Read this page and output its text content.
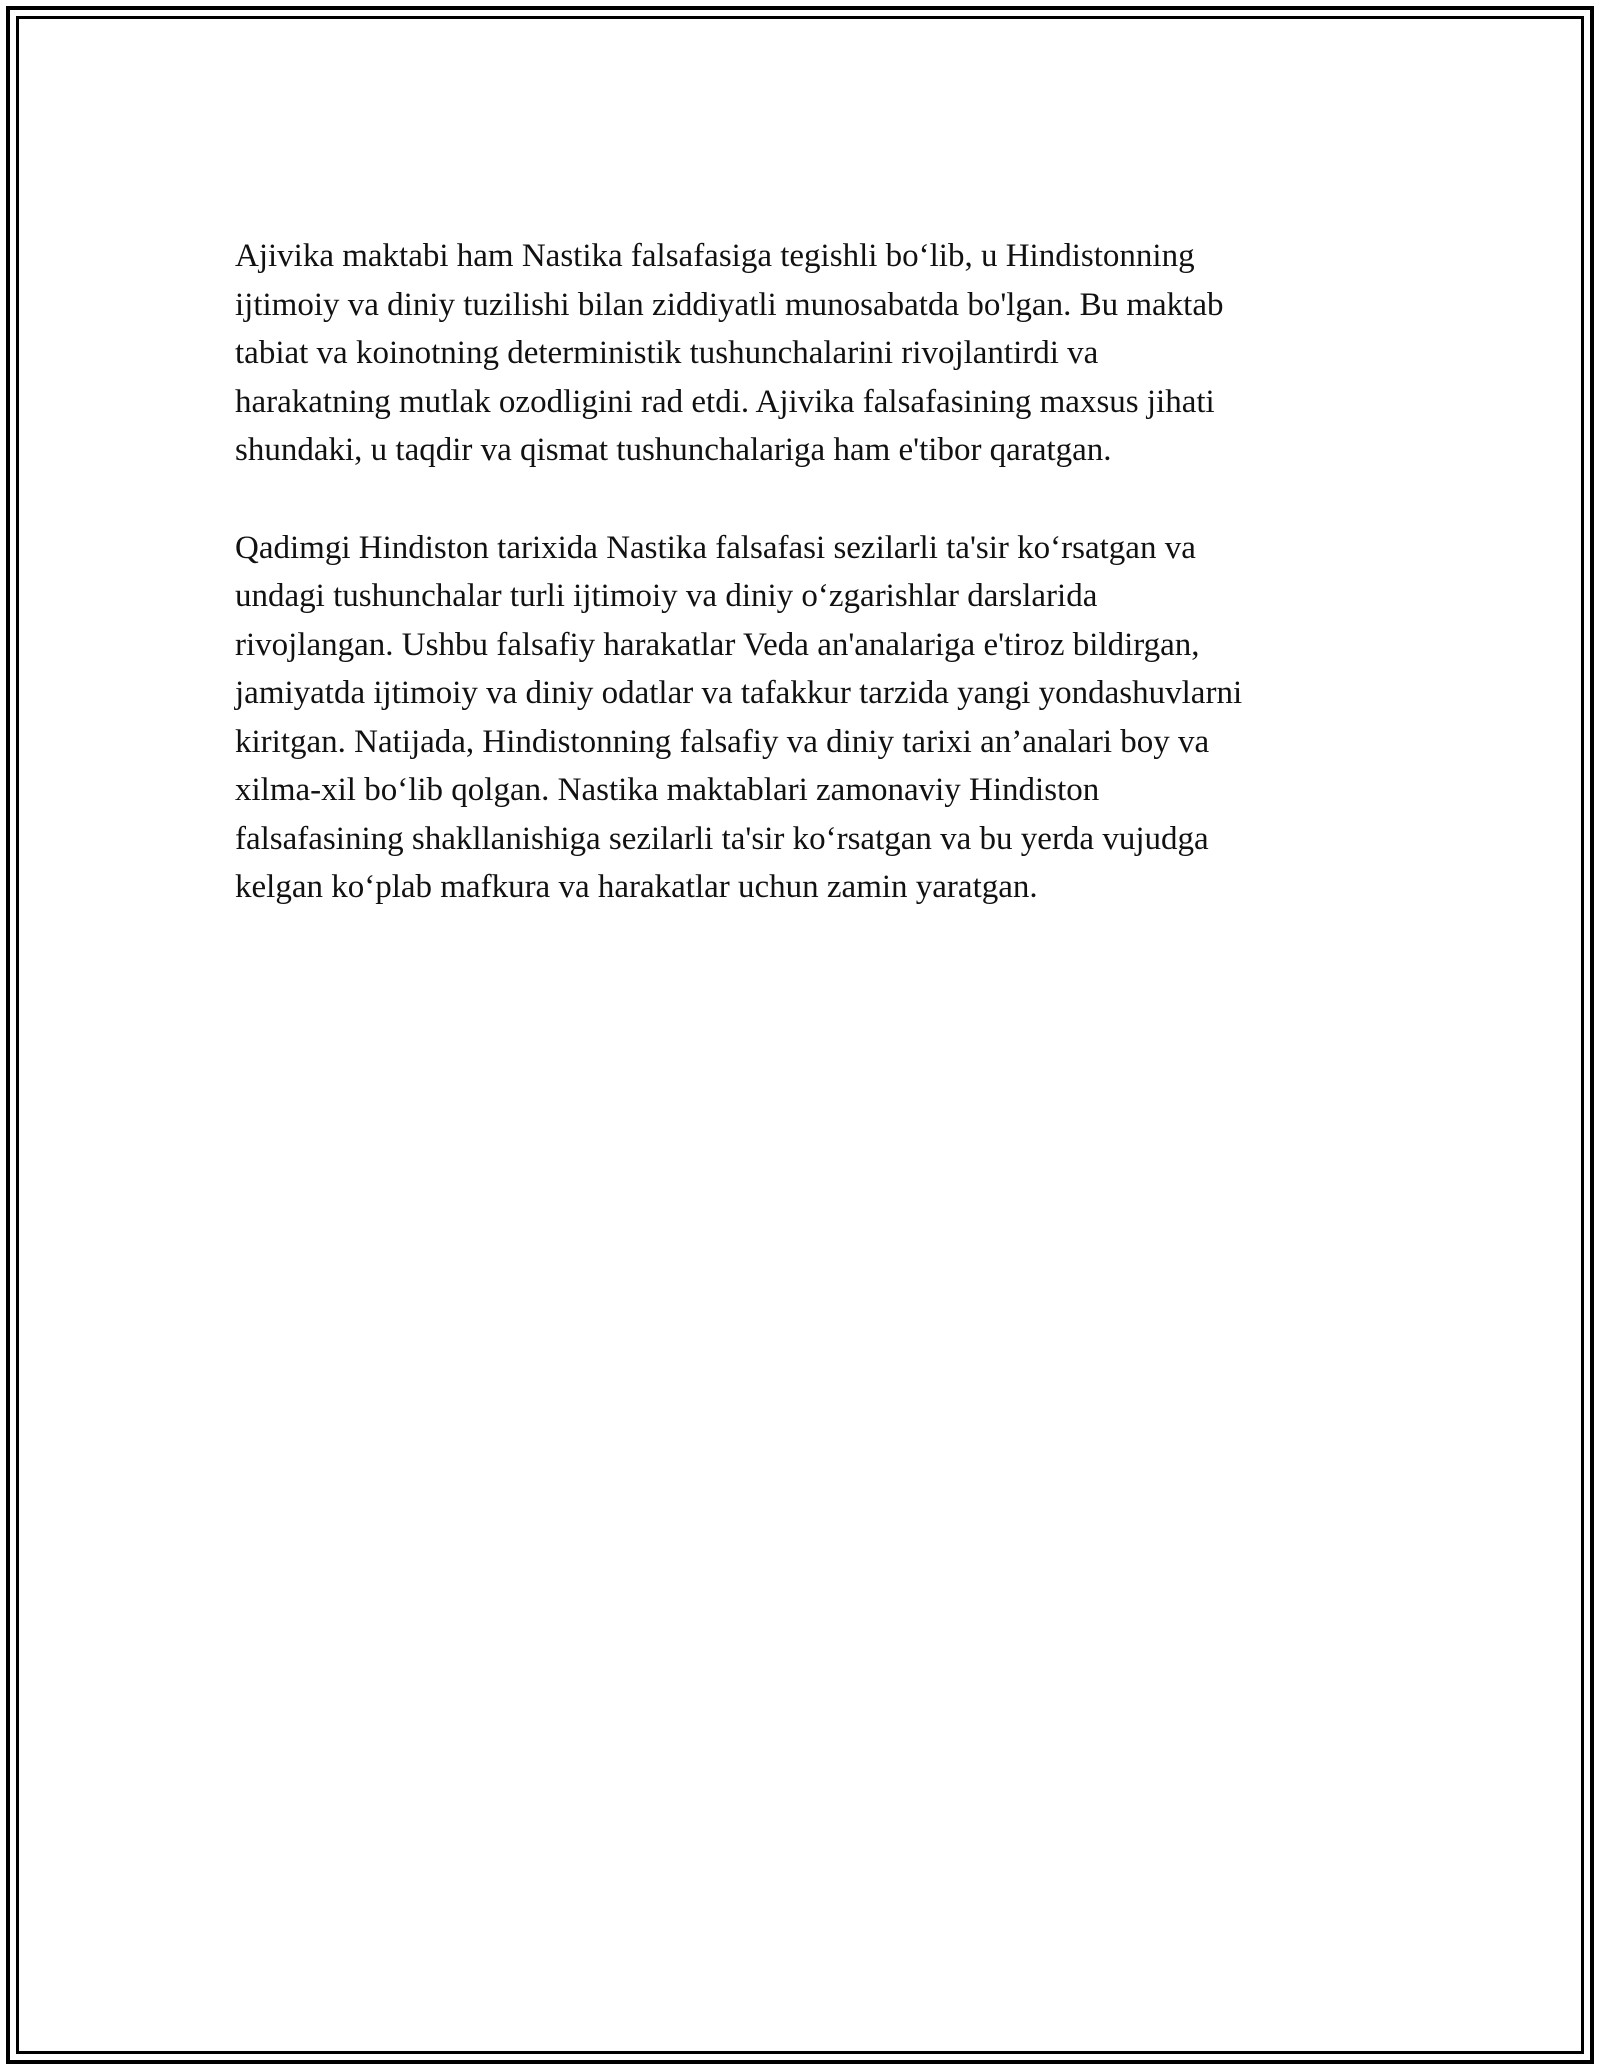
Ajivika maktabi ham Nastika falsafasiga tegishli bo‘lib, u Hindistonning
ijtimoiy va diniy tuzilishi bilan ziddiyatli munosabatda bo'lgan. Bu maktab
tabiat va koinotning deterministik tushunchalarini rivojlantirdi va
harakatning mutlak ozodligini rad etdi. Ajivika falsafasining maxsus jihati
shundaki, u taqdir va qismat tushunchalariga ham e'tibor qaratgan.

Qadimgi Hindiston tarixida Nastika falsafasi sezilarli ta'sir ko‘rsatgan va
undagi tushunchalar turli ijtimoiy va diniy o‘zgarishlar darslarida
rivojlangan. Ushbu falsafiy harakatlar Veda an'analariga e'tiroz bildirgan,
jamiyatda ijtimoiy va diniy odatlar va tafakkur tarzida yangi yondashuvlarni
kiritgan. Natijada, Hindistonning falsafiy va diniy tarixi an’analari boy va
xilma-xil bo‘lib qolgan. Nastika maktablari zamonaviy Hindiston
falsafasining shakllanishiga sezilarli ta'sir ko‘rsatgan va bu yerda vujudga
kelgan ko‘plab mafkura va harakatlar uchun zamin yaratgan.
